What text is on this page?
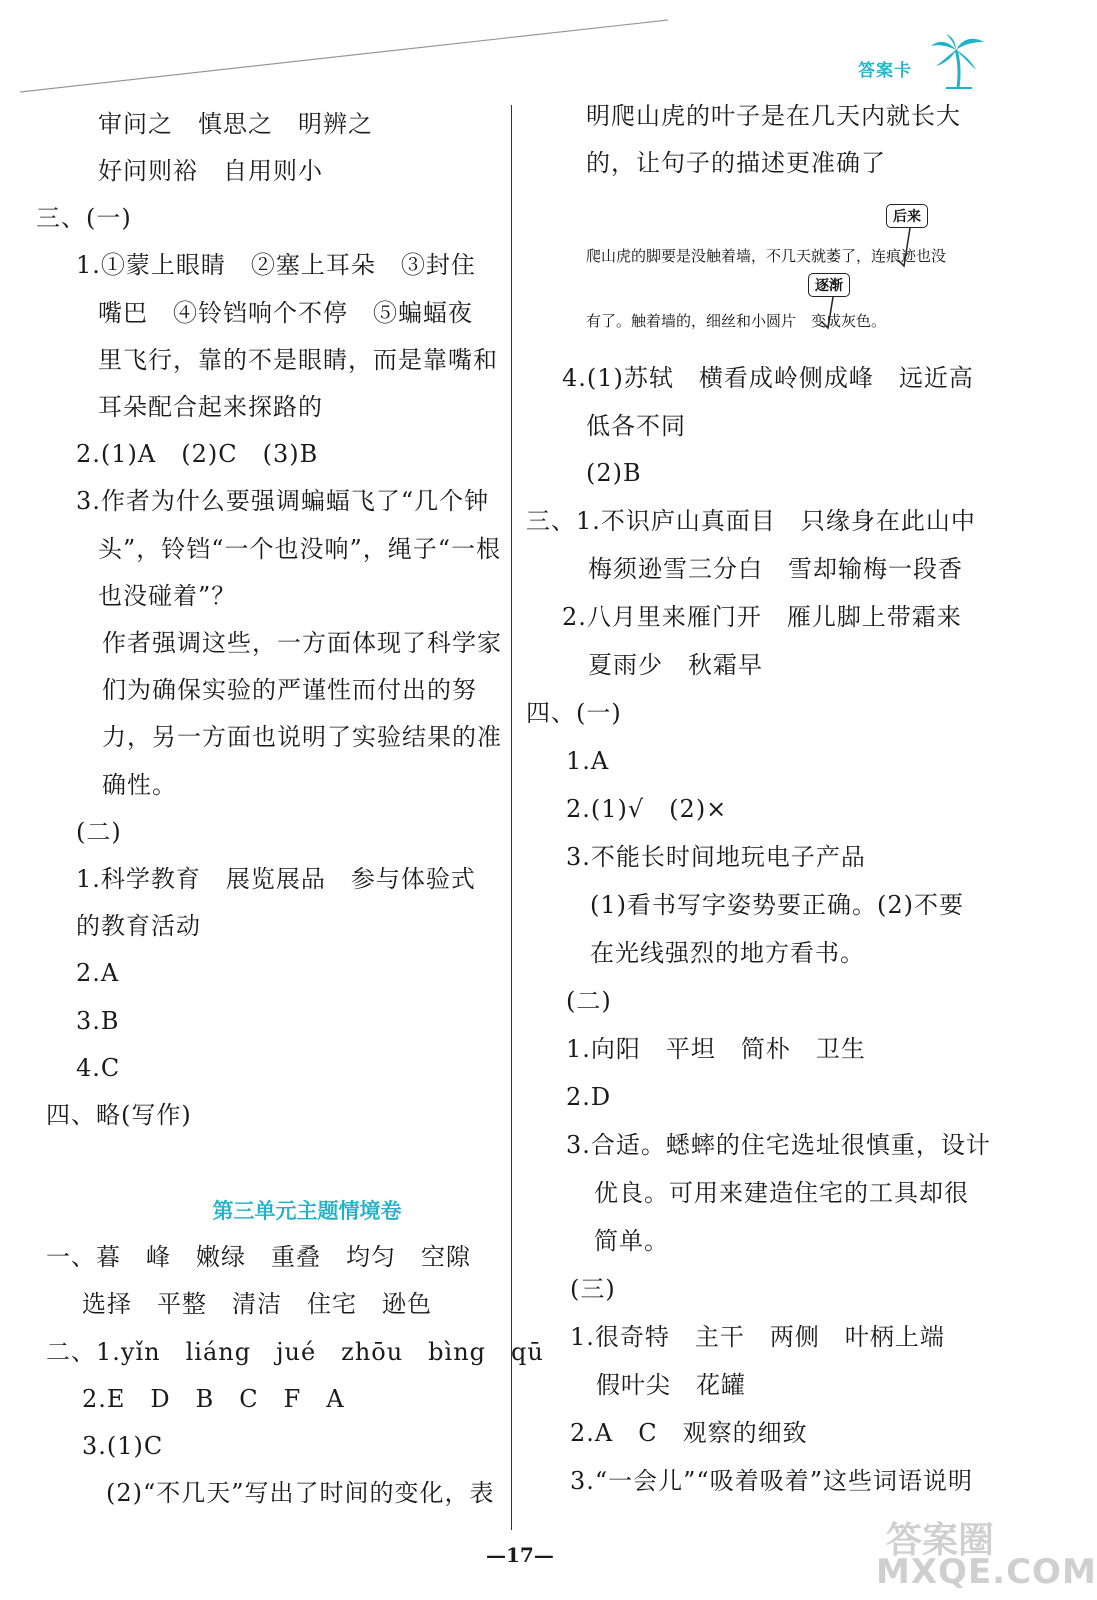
答案卡
审问之　慎思之　明辨之
好问则裕　自用则小
三、(一)
1.①蒙上眼睛　②塞上耳朵　③封住
嘴巴　④铃铛响个不停　⑤蝙蝠夜
里飞行，靠的不是眼睛，而是靠嘴和
耳朵配合起来探路的
2.(1)A　(2)C　(3)B
3.作者为什么要强调蝙蝠飞了“几个钟
头”，铃铛“一个也没响”，绳子“一根
也没碰着”？
作者强调这些，一方面体现了科学家
们为确保实验的严谨性而付出的努
力，另一方面也说明了实验结果的准
确性。
(二)
1.科学教育　展览展品　参与体验式
的教育活动
2.A
3.B
4.C
四、略(写作)
第三单元主题情境卷
一、暮　峰　嫩绿　重叠　均匀　空隙
选择　平整　清洁　住宅　逊色
二、1.yǐn　liáng　jué　zhōu　bìng　qū
2.E　D　B　C　F　A
3.(1)C
(2)“不几天”写出了时间的变化，表
明爬山虎的叶子是在几天内就长大
的，让句子的描述更准确了
4.(1)苏轼　横看成岭侧成峰　远近高
低各不同
(2)B
三、1.不识庐山真面目　只缘身在此山中
梅须逊雪三分白　雪却输梅一段香
2.八月里来雁门开　雁儿脚上带霜来
夏雨少　秋霜早
四、(一)
1.A
2.(1)√　(2)×
3.不能长时间地玩电子产品
(1)看书写字姿势要正确。(2)不要
在光线强烈的地方看书。
(二)
1.向阳　平坦　简朴　卫生
2.D
3.合适。蟋蟀的住宅选址很慎重，设计
优良。可用来建造住宅的工具却很
简单。
(三)
1.很奇特　主干　两侧　叶柄上端
假叶尖　花罐
2.A　C　观察的细致
3.“一会儿”“吸着吸着”这些词语说明
后来
爬山虎的脚要是没触着墙，不几天就萎了，连痕迹也没
逐渐
有了。触着墙的，细丝和小圆片　变成灰色。
—17—	答案圈
MXQE.COM
